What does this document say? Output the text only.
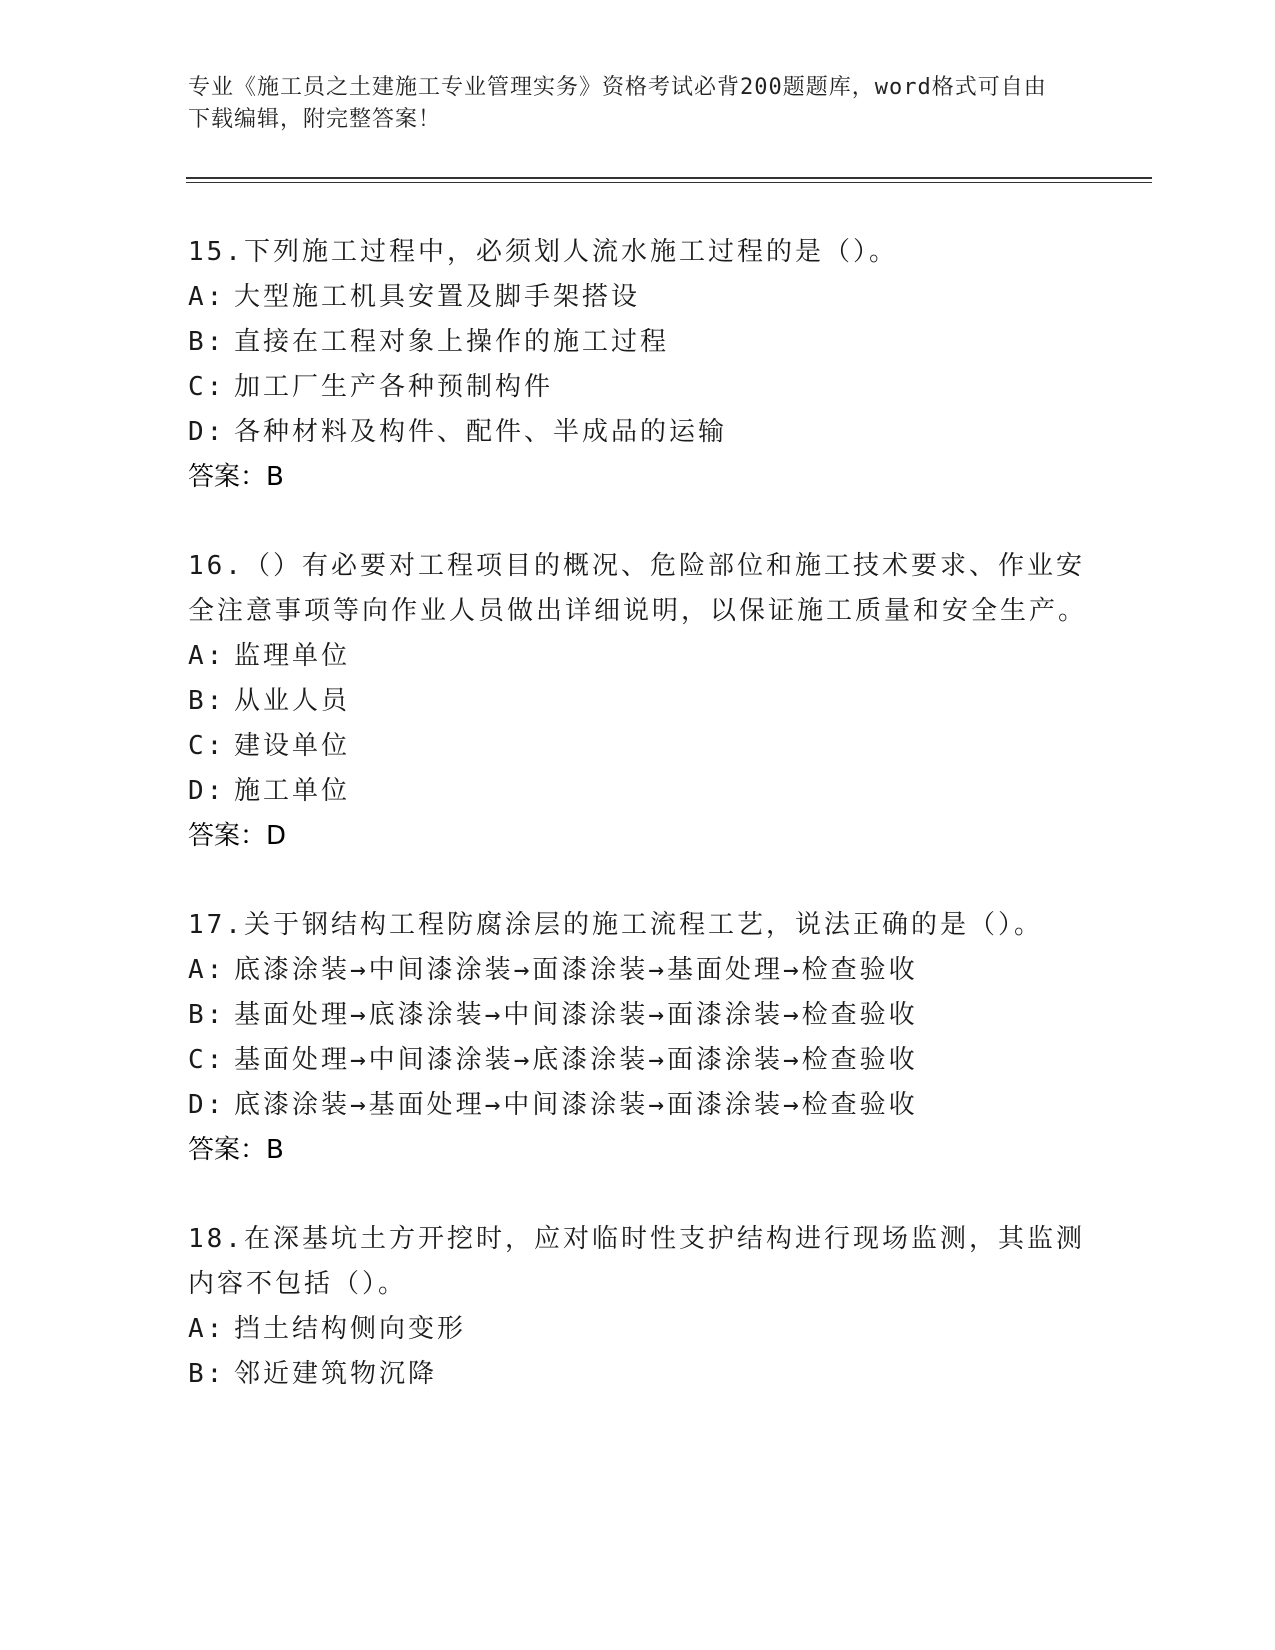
专业《施工员之土建施工专业管理实务》资格考试必背200题题库，word格式可自由下载编辑，附完整答案！

15.下列施工过程中，必须划人流水施工过程的是（）。

A: 大型施工机具安置及脚手架搭设

B: 直接在工程对象上操作的施工过程

C: 加工厂生产各种预制构件

D: 各种材料及构件、配件、半成品的运输

答案：B

16.（）有必要对工程项目的概况、危险部位和施工技术要求、作业安全注意事项等向作业人员做出详细说明，以保证施工质量和安全生产。

A: 监理单位

B: 从业人员

C: 建设单位

D: 施工单位

答案：D

17.关于钢结构工程防腐涂层的施工流程工艺，说法正确的是（）。

A: 底漆涂装→中间漆涂装→面漆涂装→基面处理→检查验收

B: 基面处理→底漆涂装→中间漆涂装→面漆涂装→检查验收

C: 基面处理→中间漆涂装→底漆涂装→面漆涂装→检查验收

D: 底漆涂装→基面处理→中间漆涂装→面漆涂装→检查验收

答案：B

18.在深基坑土方开挖时，应对临时性支护结构进行现场监测，其监测内容不包括（）。

A: 挡土结构侧向变形

B: 邻近建筑物沉降
